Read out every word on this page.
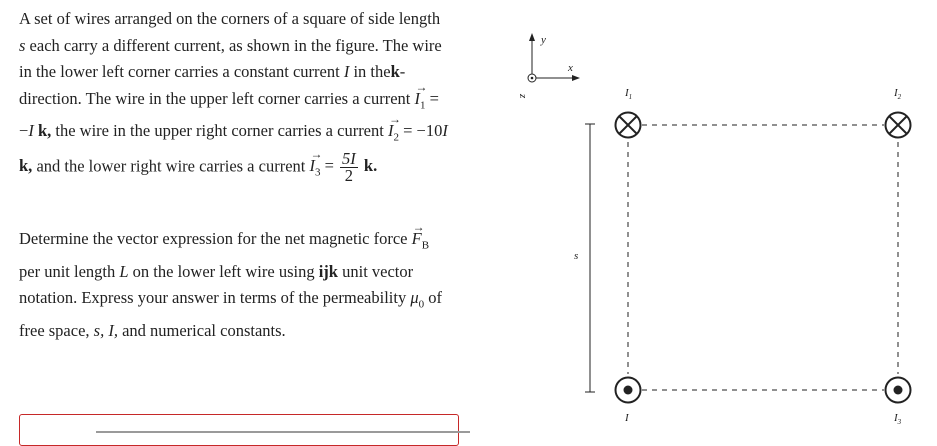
A set of wires arranged on the corners of a square of side length s each carry a different current, as shown in the figure. The wire in the lower left corner carries a constant current I in thek-direction. The wire in the upper left corner carries a current → $I_1 = -I$ k, the wire in the upper right corner carries a current → $I_2 = -10I$ k, and the lower right wire carries a current → $I_3 = \frac{5I}{2} k$.

Determine the vector expression for the net magnetic force → $F_B$ per unit length L on the lower left wire using ijk unit vector notation. Express your answer in terms of the permeability $\mu_0$ of free space, s, I, and numerical constants.

y
x
z
s
$I_1$	$I_2$
I	$I_3$
